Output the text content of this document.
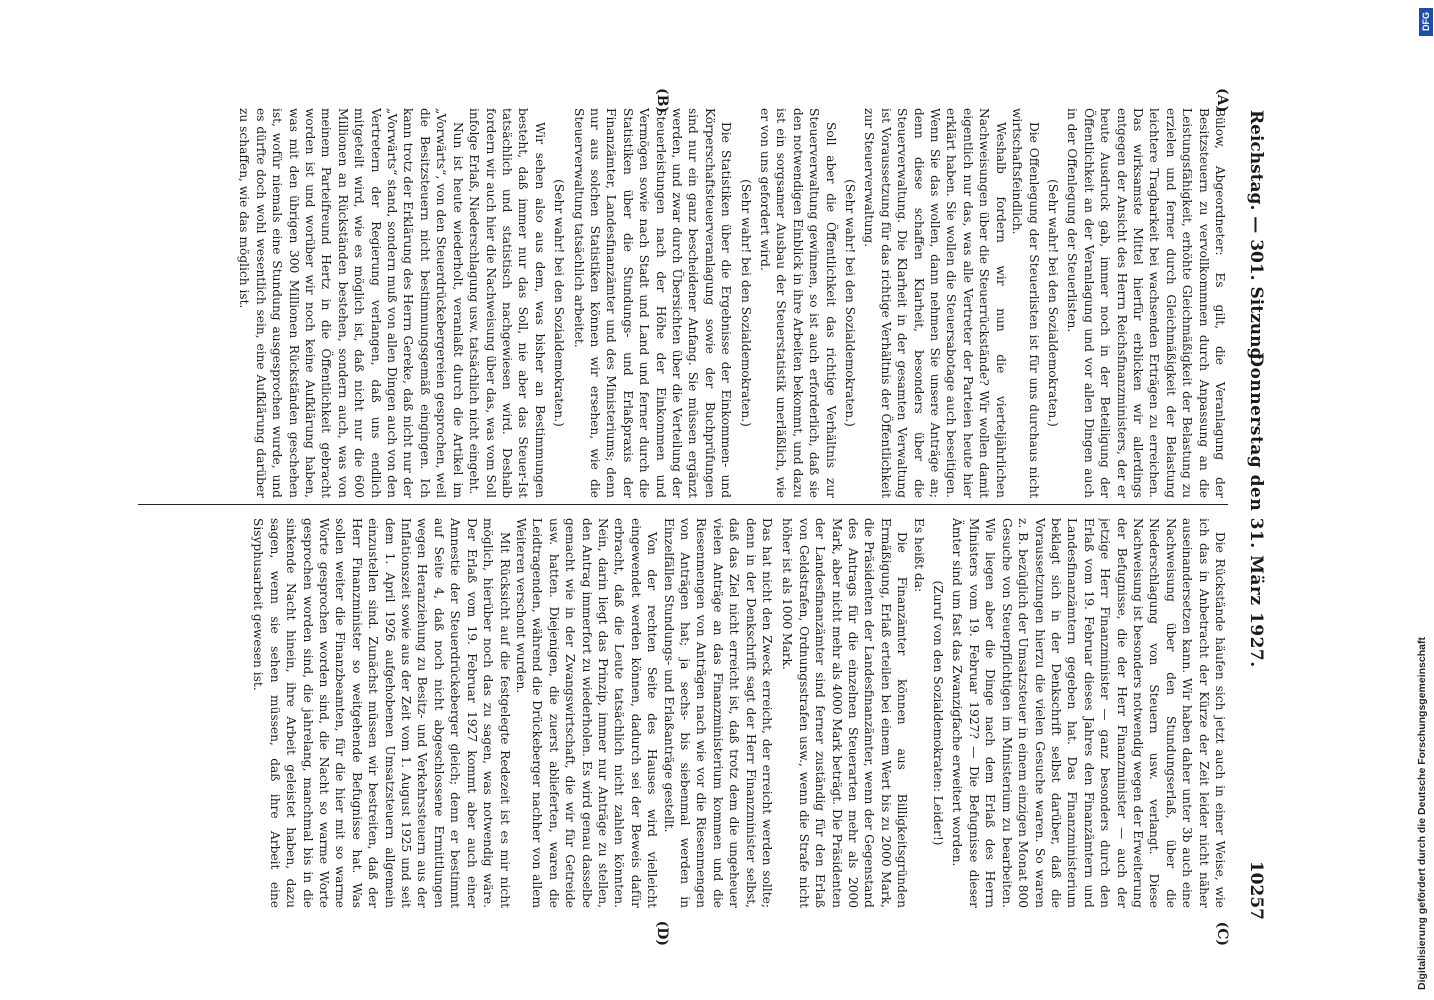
Reichstag. — 301. Sitzung.
Donnerstag den 31. März 1927.
10257
(A)
(B)
(C)
(D)

Bülow, Abgeordneter: Es gilt, die Veranlagung der Besitzsteuern zu vervollkommnen durch Anpassung an die Leistungsfähigkeit, erhöhte Gleichmäßigkeit der Belastung zu erzielen und ferner durch Gleichmäßigkeit der Belastung leichtere Tragbarkeit bei wachsenden Erträgen zu erreichen. Das wirksamste Mittel hierfür erblicken wir allerdings entgegen der Ansicht des Herrn Reichsfinanzministers, der er heute Ausdruck gab, immer noch in der Beteiligung der Öffentlichkeit an der Veranlagung und vor allen Dingen auch in der Offenlegung der Steuerlisten.

(Sehr wahr! bei den Sozialdemokraten.)

Die Offenlegung der Steuerlisten ist für uns durchaus nicht wirtschaftsfeindlich.

Weshalb fordern wir nun die vierteljährlichen Nachweisungen über die Steuerrückstände? Wir wollen damit eigentlich nur das, was alle Vertreter der Parteien heute hier erklärt haben. Sie wollen die Steuersabotage auch beseitigen. Wenn Sie das wollen, dann nehmen Sie unsere Anträge an; denn diese schaffen Klarheit, besonders über die Steuerverwaltung. Die Klarheit in der gesamten Verwaltung ist Voraussetzung für das richtige Verhältnis der Öffentlichkeit zur Steuerverwaltung.

(Sehr wahr! bei den Sozialdemokraten.)

Soll aber die Öffentlichkeit das richtige Verhältnis zur Steuerverwaltung gewinnen, so ist auch erforderlich, daß sie den notwendigen Einblick in ihre Arbeiten bekommt, und dazu ist ein sorgsamer Ausbau der Steuerstatistik unerläßlich, wie er von uns gefordert wird.

(Sehr wahr! bei den Sozialdemokraten.)

Die Statistiken über die Ergebnisse der Einkommen- und Körperschaftsteuerveranlagung sowie der Buchprüfungen sind nur ein ganz bescheidener Anfang. Sie müssen ergänzt werden, und zwar durch Übersichten über die Verteilung der Steuerleistungen nach der Höhe der Einkommen und Vermögen sowie nach Stadt und Land und ferner durch die Statistiken über die Stundungs- und Erlaßpraxis der Finanzämter, Landesfinanzämter und des Ministeriums; denn nur aus solchen Statistiken können wir ersehen, wie die Steuerverwaltung tatsächlich arbeitet.

(Sehr wahr! bei den Sozialdemokraten.)

Wir sehen also aus dem, was bisher an Bestimmungen besteht, daß immer nur das Soll, nie aber das Steuer-Ist tatsächlich und statistisch nachgewiesen wird. Deshalb fordern wir auch hier die Nachweisung über das, was vom Soll infolge Erlaß, Niederschlagung usw. tatsächlich nicht eingeht.

Nun ist heute wiederholt, veranlaßt durch die Artikel im „Vorwärts“, von den Steuerdrückebergereien gesprochen, weil die Besitzsteuern nicht bestimmungsgemäß eingingen. Ich kann trotz der Erklärung des Herrn Gereke, daß nicht nur der „Vorwärts“ stand, sondern muß von allen Dingen auch von den Vertretern der Regierung verlangen, daß uns endlich mitgeteilt wird, wie es möglich ist, daß nicht nur die 600 Millionen an Rückständen bestehen, sondern auch, was von meinem Parteifreund Hertz in die Öffentlichkeit gebracht worden ist und worüber wir noch keine Aufklärung haben, was mit den übrigen 300 Millionen Rückständen geschehen ist, wofür niemals eine Stundung ausgesprochen wurde, und es dürfte doch wohl wesentlich sein, eine Aufklärung darüber zu schaffen, wie das möglich ist.

Die Rückstände häufen sich jetzt auch in einer Weise, wie ich das in Anbetracht der Kürze der Zeit leider nicht näher auseinandersetzen kann. Wir haben daher unter 3b auch eine Nachweisung über den Stundungserlaß, über die Niederschlagung von Steuern usw. verlangt. Diese Nachweisung ist besonders notwendig wegen der Erweiterung der Befugnisse, die der Herr Finanzminister — auch der jetzige Herr Finanzminister — ganz besonders durch den Erlaß vom 19. Februar dieses Jahres den Finanzämtern und Landesfinanzämtern gegeben hat. Das Finanzministerium beklagt sich in der Denkschrift selbst darüber, daß die Voraussetzungen hierzu die vielen Gesuche waren. So waren z. B. bezüglich der Umsatzsteuer in einem einzigen Monat 800 Gesuche von Steuerpflichtigen im Ministerium zu bearbeiten. Wie liegen aber die Dinge nach dem Erlaß des Herrn Ministers vom 19. Februar 1927? — Die Befugnisse dieser Ämter sind um fast das Zwanzigfache erweitert worden.

(Zuruf von den Sozialdemokraten: Leider!)

Es heißt da:

Die Finanzämter können aus Billigkeitsgründen Ermäßigung, Erlaß erteilen bei einem Wert bis zu 2000 Mark, die Präsidenten der Landesfinanzämter, wenn der Gegenstand des Antrags für die einzelnen Steuerarten mehr als 2000 Mark, aber nicht mehr als 4000 Mark beträgt. Die Präsidenten der Landesfinanzämter sind ferner zuständig für den Erlaß von Geldstrafen, Ordnungsstrafen usw., wenn die Strafe nicht höher ist als 1000 Mark.

Das hat nicht den Zweck erreicht, der erreicht werden sollte; denn in der Denkschrift sagt der Herr Finanzminister selbst, daß das Ziel nicht erreicht ist, daß trotz dem die ungeheuer vielen Anträge an das Finanzministerium kommen und die Riesenmengen von Anträgen nach wie vor die Riesenmengen von Anträgen hat; ja sechs- bis siebenmal werden in Einzelfällen Stundungs- und Erlaßanträge gestellt.

Von der rechten Seite des Hauses wird vielleicht eingewendet werden können, dadurch sei der Beweis dafür erbracht, daß die Leute tatsächlich nicht zahlen könnten. Nein, darin liegt das Prinzip, immer nur Anträge zu stellen, den Antrag immerfort zu wiederholen. Es wird genau dasselbe gemacht wie in der Zwangswirtschaft, die wir für Getreide usw. hatten. Diejenigen, die zuerst ablieferten, waren die Leidtragenden, während die Drückeberger nachher von allem Weiteren verschont wurden.

Mit Rücksicht auf die festgelegte Redezeit ist es mir nicht möglich, hierüber noch das zu sagen, was notwendig wäre. Der Erlaß vom 19. Februar 1927 kommt aber auch einer Amnestie der Steuerdrückeberger gleich; denn er bestimmt auf Seite 4, daß noch nicht abgeschlossene Ermittlungen wegen Heranziehung zu Besitz- und Verkehrssteuern aus der Inflationszeit sowie aus der Zeit vom 1. August 1925 und seit dem 1. April 1926 aufgehobenen Umsatzsteuern allgemein einzustellen sind. Zunächst müssen wir bestreiten, daß der Herr Finanzminister so weitgehende Befugnisse hat. Was sollen weiter die Finanzbeamten, für die hier mit so warme Worte gesprochen worden sind, die Nacht so warme Worte gesprochen worden sind, die jahrelang, manchmal bis in die sinkende Nacht hinein, ihre Arbeit geleistet haben, dazu sagen, wenn sie sehen müssen, daß ihre Arbeit eine Sisyphusarbeit gewesen ist.

Digitalisierung gefördert durch die Deutsche Forschungsgemeinschaft
DFG
